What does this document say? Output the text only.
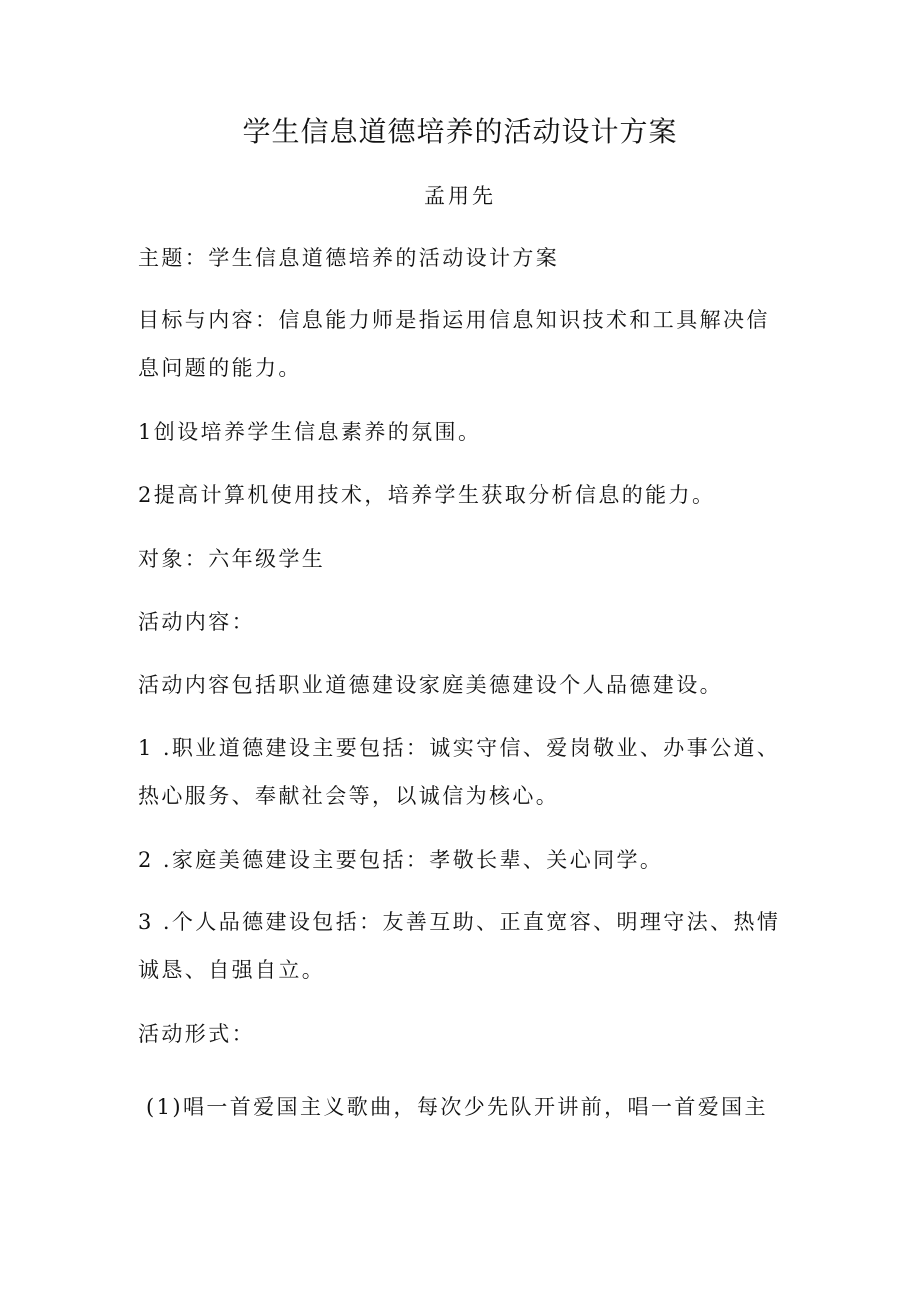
学生信息道德培养的活动设计方案
孟用先
主题：学生信息道德培养的活动设计方案
目标与内容：信息能力师是指运用信息知识技术和工具解决信息问题的能力。
1创设培养学生信息素养的氛围。
2提高计算机使用技术，培养学生获取分析信息的能力。
对象：六年级学生
活动内容：
活动内容包括职业道德建设家庭美德建设个人品德建设。
1 .职业道德建设主要包括：诚实守信、爱岗敬业、办事公道、热心服务、奉献社会等，以诚信为核心。
2 .家庭美德建设主要包括：孝敬长辈、关心同学。
3 .个人品德建设包括：友善互助、正直宽容、明理守法、热情诚恳、自强自立。
活动形式：
(1)唱一首爱国主义歌曲，每次少先队开讲前，唱一首爱国主
